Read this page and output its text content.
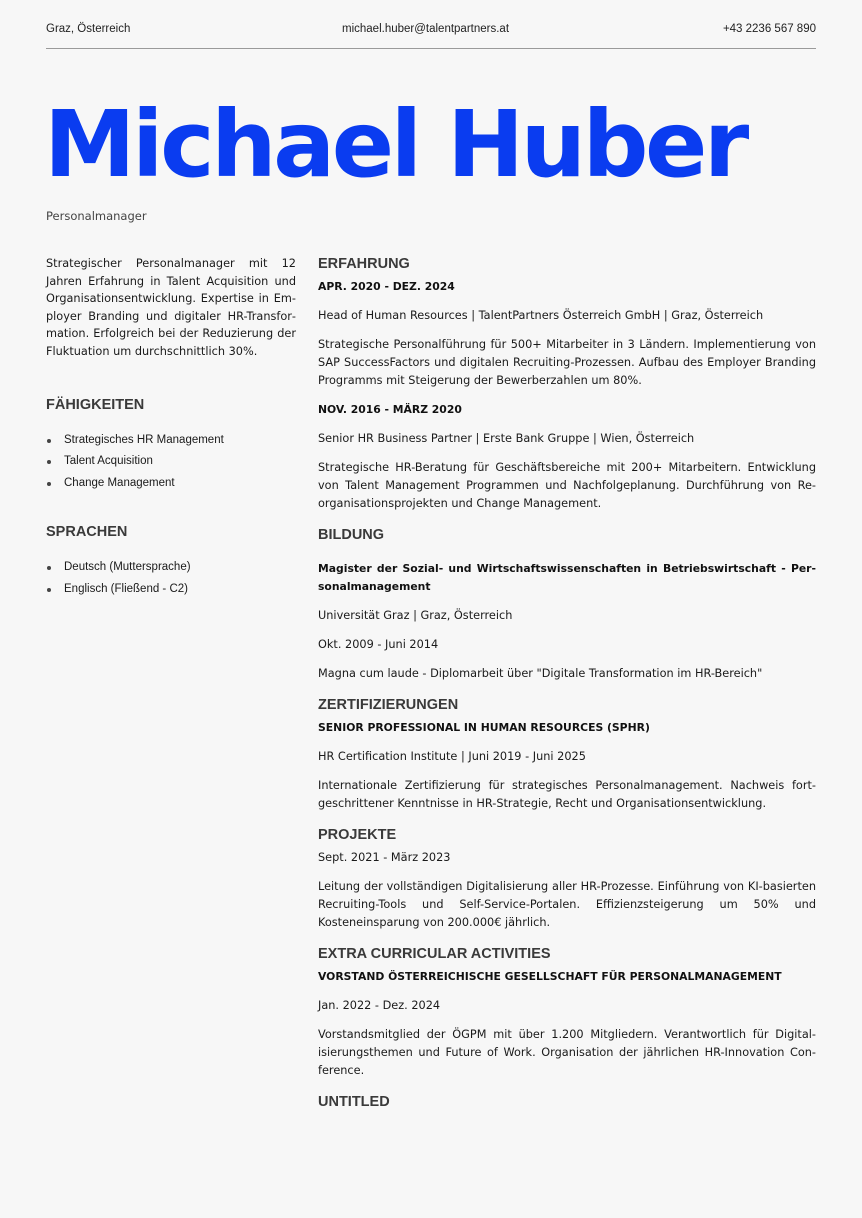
Graz, Österreich	michael.huber@talentpartners.at	+43 2236 567 890
Michael Huber
Personalmanager

Strategischer Personalmanager mit 12 Jahren Erfahrung in Talent Acquisition und Organisationsentwicklung. Expertise in Employer Branding und digitaler HR-Transformation. Erfolgreich bei der Reduzierung der Fluktuation um durchschnittlich 30%.

FÄHIGKEITEN
Strategisches HR Management
Talent Acquisition
Change Management
SPRACHEN
Deutsch (Muttersprache)
Englisch (Fließend - C2)
ERFAHRUNG

APR. 2020 - DEZ. 2024

Head of Human Resources | TalentPartners Österreich GmbH | Graz, Österreich

Strategische Personalführung für 500+ Mitarbeiter in 3 Ländern. Implementierung von SAP SuccessFactors und digitalen Recruiting-Prozessen. Aufbau des Employer Branding Programms mit Steigerung der Bewerberzahlen um 80%.

NOV. 2016 - MÄRZ 2020

Senior HR Business Partner | Erste Bank Gruppe | Wien, Österreich

Strategische HR-Beratung für Geschäftsbereiche mit 200+ Mitarbeitern. Entwicklung von Talent Management Programmen und Nachfolgeplanung. Durchführung von Reorganisationsprojekten und Change Management.

BILDUNG

Magister der Sozial- und Wirtschaftswissenschaften in Betriebswirtschaft - Personalmanagement

Universität Graz | Graz, Österreich

Okt. 2009 - Juni 2014

Magna cum laude - Diplomarbeit über "Digitale Transformation im HR-Bereich"

ZERTIFIZIERUNGEN

SENIOR PROFESSIONAL IN HUMAN RESOURCES (SPHR)

HR Certification Institute | Juni 2019 - Juni 2025

Internationale Zertifizierung für strategisches Personalmanagement. Nachweis fortgeschrittener Kenntnisse in HR-Strategie, Recht und Organisationsentwicklung.

PROJEKTE

Sept. 2021 - März 2023

Leitung der vollständigen Digitalisierung aller HR-Prozesse. Einführung von KI-basierten Recruiting-Tools und Self-Service-Portalen. Effizienzsteigerung um 50% und Kosteneinsparung von 200.000€ jährlich.

EXTRA CURRICULAR ACTIVITIES

VORSTAND ÖSTERREICHISCHE GESELLSCHAFT FÜR PERSONALMANAGEMENT

Jan. 2022 - Dez. 2024

Vorstandsmitglied der ÖGPM mit über 1.200 Mitgliedern. Verantwortlich für Digitalisierungsthemen und Future of Work. Organisation der jährlichen HR-Innovation Conference.

UNTITLED
